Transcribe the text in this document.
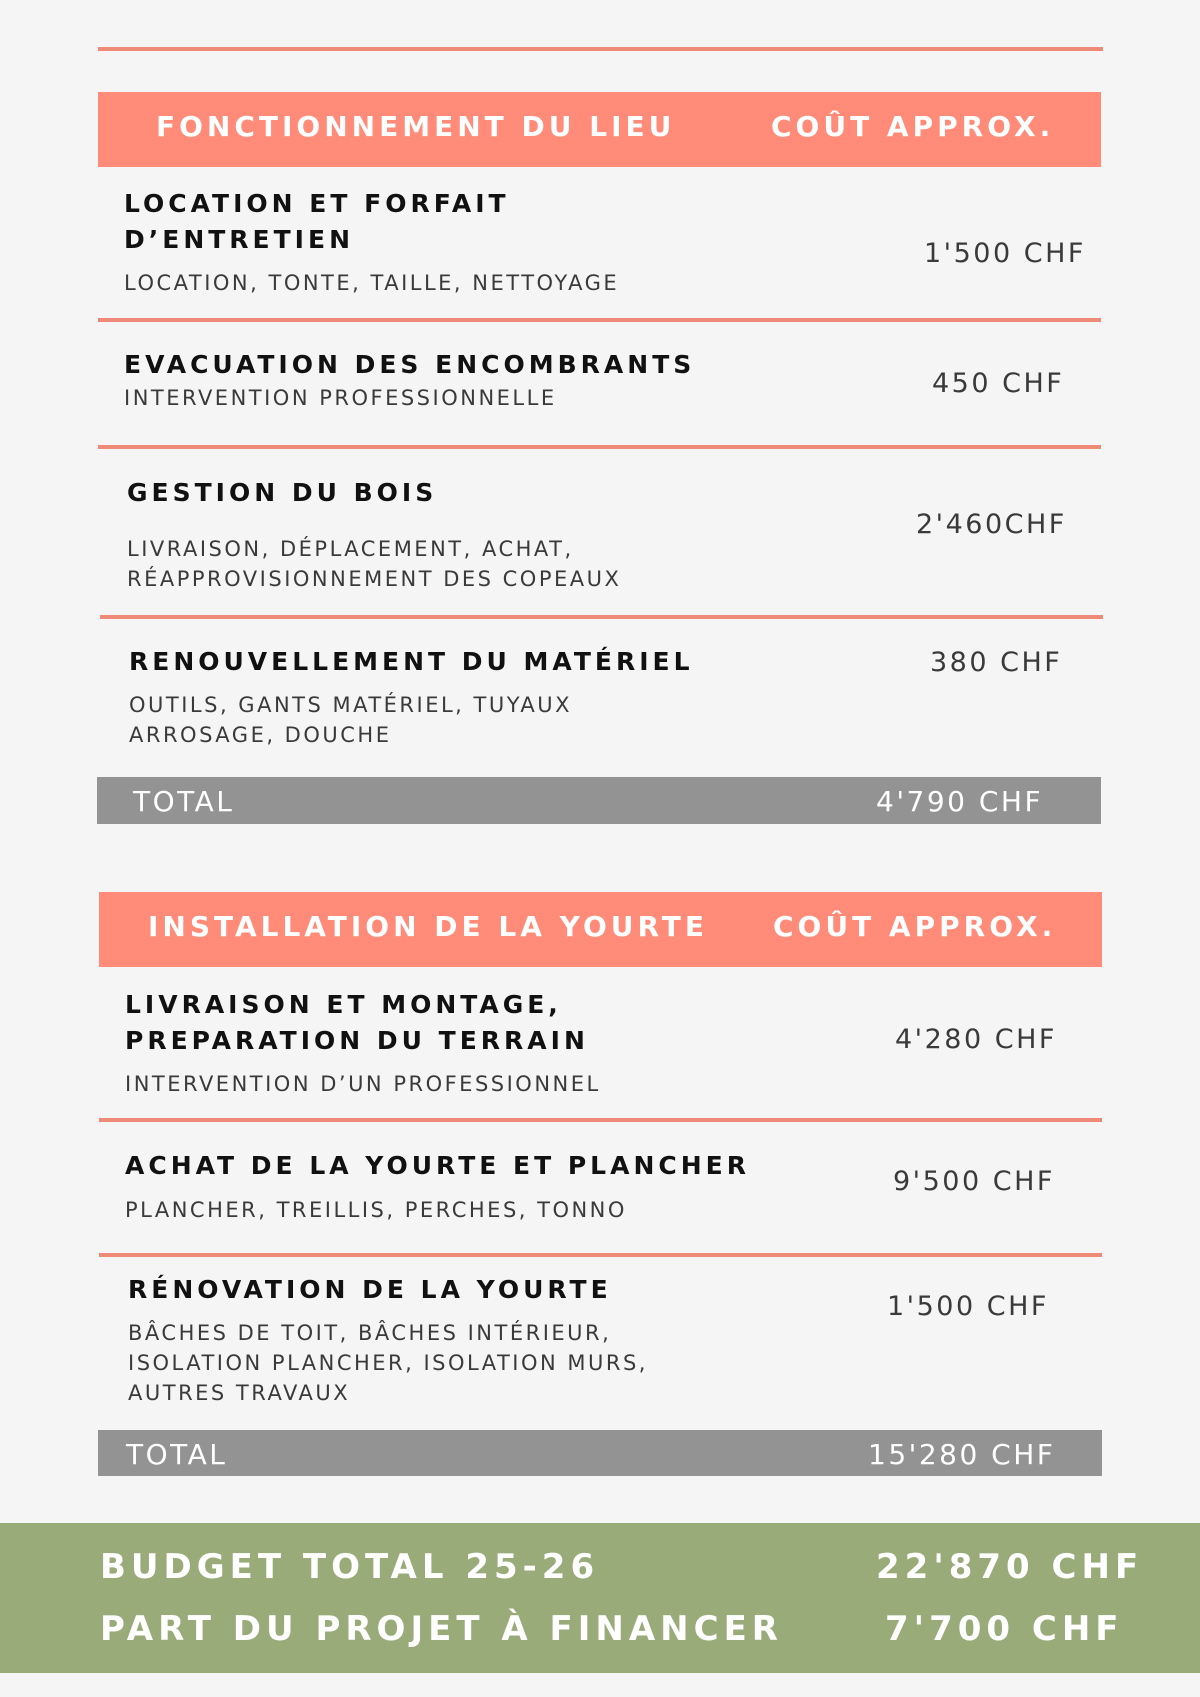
FONCTIONNEMENT DU LIEU	COÛT APPROX.
LOCATION ET FORFAIT
D’ENTRETIEN
LOCATION, TONTE, TAILLE, NETTOYAGE
1'500 CHF
EVACUATION DES ENCOMBRANTS
INTERVENTION PROFESSIONNELLE	450 CHF
GESTION DU BOIS
LIVRAISON, DÉPLACEMENT, ACHAT,
RÉAPPROVISIONNEMENT DES COPEAUX
2'460CHF
RENOUVELLEMENT DU MATÉRIEL
OUTILS, GANTS MATÉRIEL, TUYAUX
ARROSAGE, DOUCHE
380 CHF
TOTAL	4'790 CHF
INSTALLATION DE LA YOURTE COÛT APPROX.
LIVRAISON ET MONTAGE,
PREPARATION DU TERRAIN
INTERVENTION D’UN PROFESSIONNEL
4'280 CHF
ACHAT DE LA YOURTE ET PLANCHER
PLANCHER, TREILLIS, PERCHES, TONNO
9'500 CHF
RÉNOVATION DE LA YOURTE
BÂCHES DE TOIT, BÂCHES INTÉRIEUR,
ISOLATION PLANCHER, ISOLATION MURS,
AUTRES TRAVAUX
1'500 CHF
TOTAL	15'280 CHF
BUDGET TOTAL 25-26	22'870 CHF
PART DU PROJET À FINANCER	7'700 CHF
